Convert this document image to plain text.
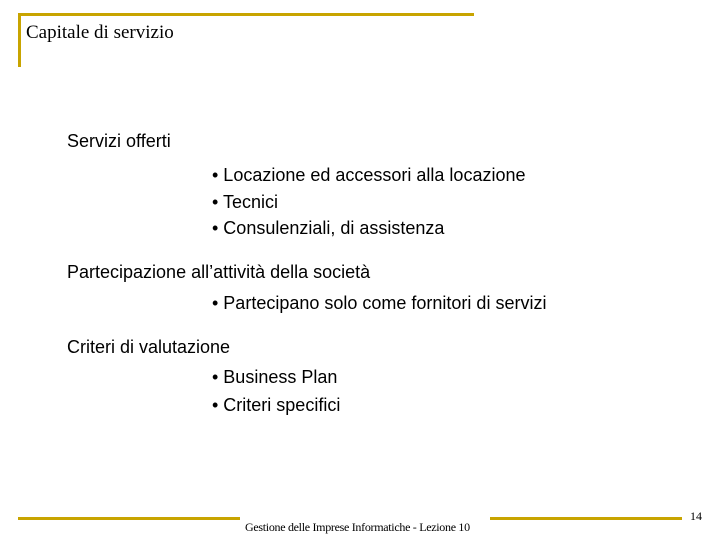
Capitale di servizio
Servizi offerti
• Locazione ed accessori alla locazione
• Tecnici
• Consulenziali, di assistenza
Partecipazione all’attività della società
• Partecipano solo come fornitori di servizi
Criteri di valutazione
• Business Plan
• Criteri specifici
Gestione delle Imprese Informatiche - Lezione 10
14
